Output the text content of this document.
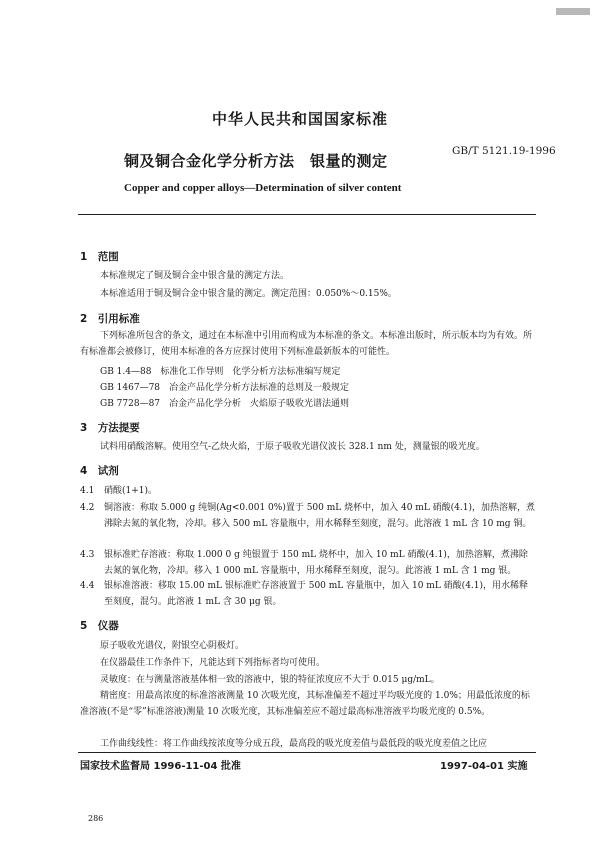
中华人民共和国国家标准
GB/T 5121.19-1996
铜及铜合金化学分析方法　银量的测定
Copper and copper alloys—Determination of silver content
1　范围
本标准规定了铜及铜合金中银含量的测定方法。
本标准适用于铜及铜合金中银含量的测定。测定范围：0.050%～0.15%。
2　引用标准
下列标准所包含的条文，通过在本标准中引用而构成为本标准的条文。本标准出版时，所示版本均为有效。所有标准都会被修订，使用本标准的各方应探讨使用下列标准最新版本的可能性。
GB 1.4—88　标准化工作导则　化学分析方法标准编写规定
GB 1467—78　冶金产品化学分析方法标准的总则及一般规定
GB 7728—87　冶金产品化学分析　火焰原子吸收光谱法通则
3　方法提要
试料用硝酸溶解。使用空气-乙炔火焰，于原子吸收光谱仪波长 328.1 nm 处，测量银的吸光度。
4　试剂
4.1 硝酸(1+1)。
4.2 铜溶液：称取 5.000 g 纯铜(Ag<0.001 0%)置于 500 mL 烧杯中，加入 40 mL 硝酸(4.1)，加热溶解，煮沸除去氮的氧化物，冷却。移入 500 mL 容量瓶中，用水稀释至刻度，混匀。此溶液 1 mL 含 10 mg 铜。
4.3 银标准贮存溶液：称取 1.000 0 g 纯银置于 150 mL 烧杯中，加入 10 mL 硝酸(4.1)，加热溶解，煮沸除去氮的氧化物，冷却。移入 1 000 mL 容量瓶中，用水稀释至刻度，混匀。此溶液 1 mL 含 1 mg 银。
4.4 银标准溶液：移取 15.00 mL 银标准贮存溶液置于 500 mL 容量瓶中，加入 10 mL 硝酸(4.1)，用水稀释至刻度，混匀。此溶液 1 mL 含 30 μg 银。
5　仪器
原子吸收光谱仪，附银空心阴极灯。
在仪器最佳工作条件下，凡能达到下列指标者均可使用。
灵敏度：在与测量溶液基体相一致的溶液中，银的特征浓度应不大于 0.015 μg/mL。
精密度：用最高浓度的标准溶液测量 10 次吸光度，其标准偏差不超过平均吸光度的 1.0%；用最低浓度的标准溶液(不是“零”标准溶液)测量 10 次吸光度，其标准偏差应不超过最高标准溶液平均吸光度的 0.5%。
工作曲线线性：将工作曲线按浓度等分成五段，最高段的吸光度差值与最低段的吸光度差值之比应
国家技术监督局 1996-11-04 批准	1997-04-01 实施
286
